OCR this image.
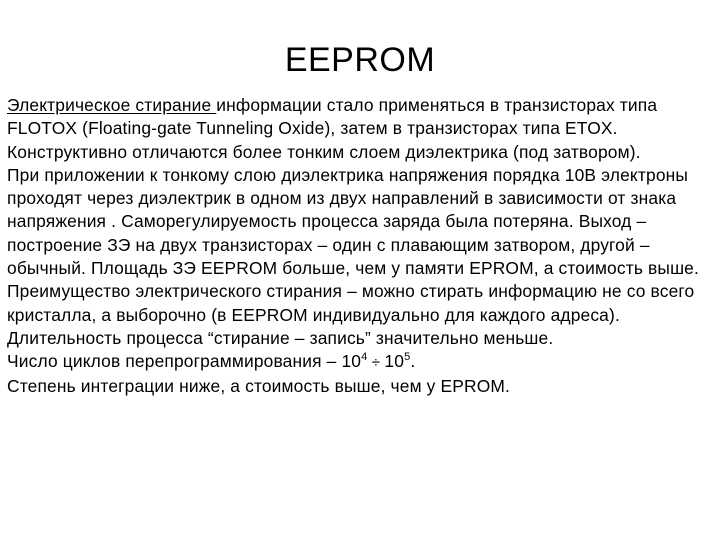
EEPROM

Электрическое стирание информации стало применяться в транзисторах типа FLOTOX (Floating-gate Tunneling Oxide), затем в транзисторах типа ETOX. Конструктивно отличаются более тонким слоем диэлектрика (под затвором).

При приложении к тонкому слою диэлектрика напряжения порядка 10В электроны проходят через диэлектрик в одном из двух направлений в зависимости от знака напряжения . Саморегулируемость процесса заряда была потеряна. Выход – построение ЗЭ на двух транзисторах – один с плавающим затвором, другой – обычный. Площадь ЗЭ EEPROM больше, чем у памяти EPROM, а стоимость выше.

Преимущество электрического стирания – можно стирать информацию не со всего кристалла, а выборочно (в EEPROM индивидуально для каждого адреса). Длительность процесса “стирание – запись” значительно меньше.

Число циклов перепрограммирования – $10^4 \div 10^5$.

Степень интеграции ниже, а стоимость выше, чем у EPROM.
